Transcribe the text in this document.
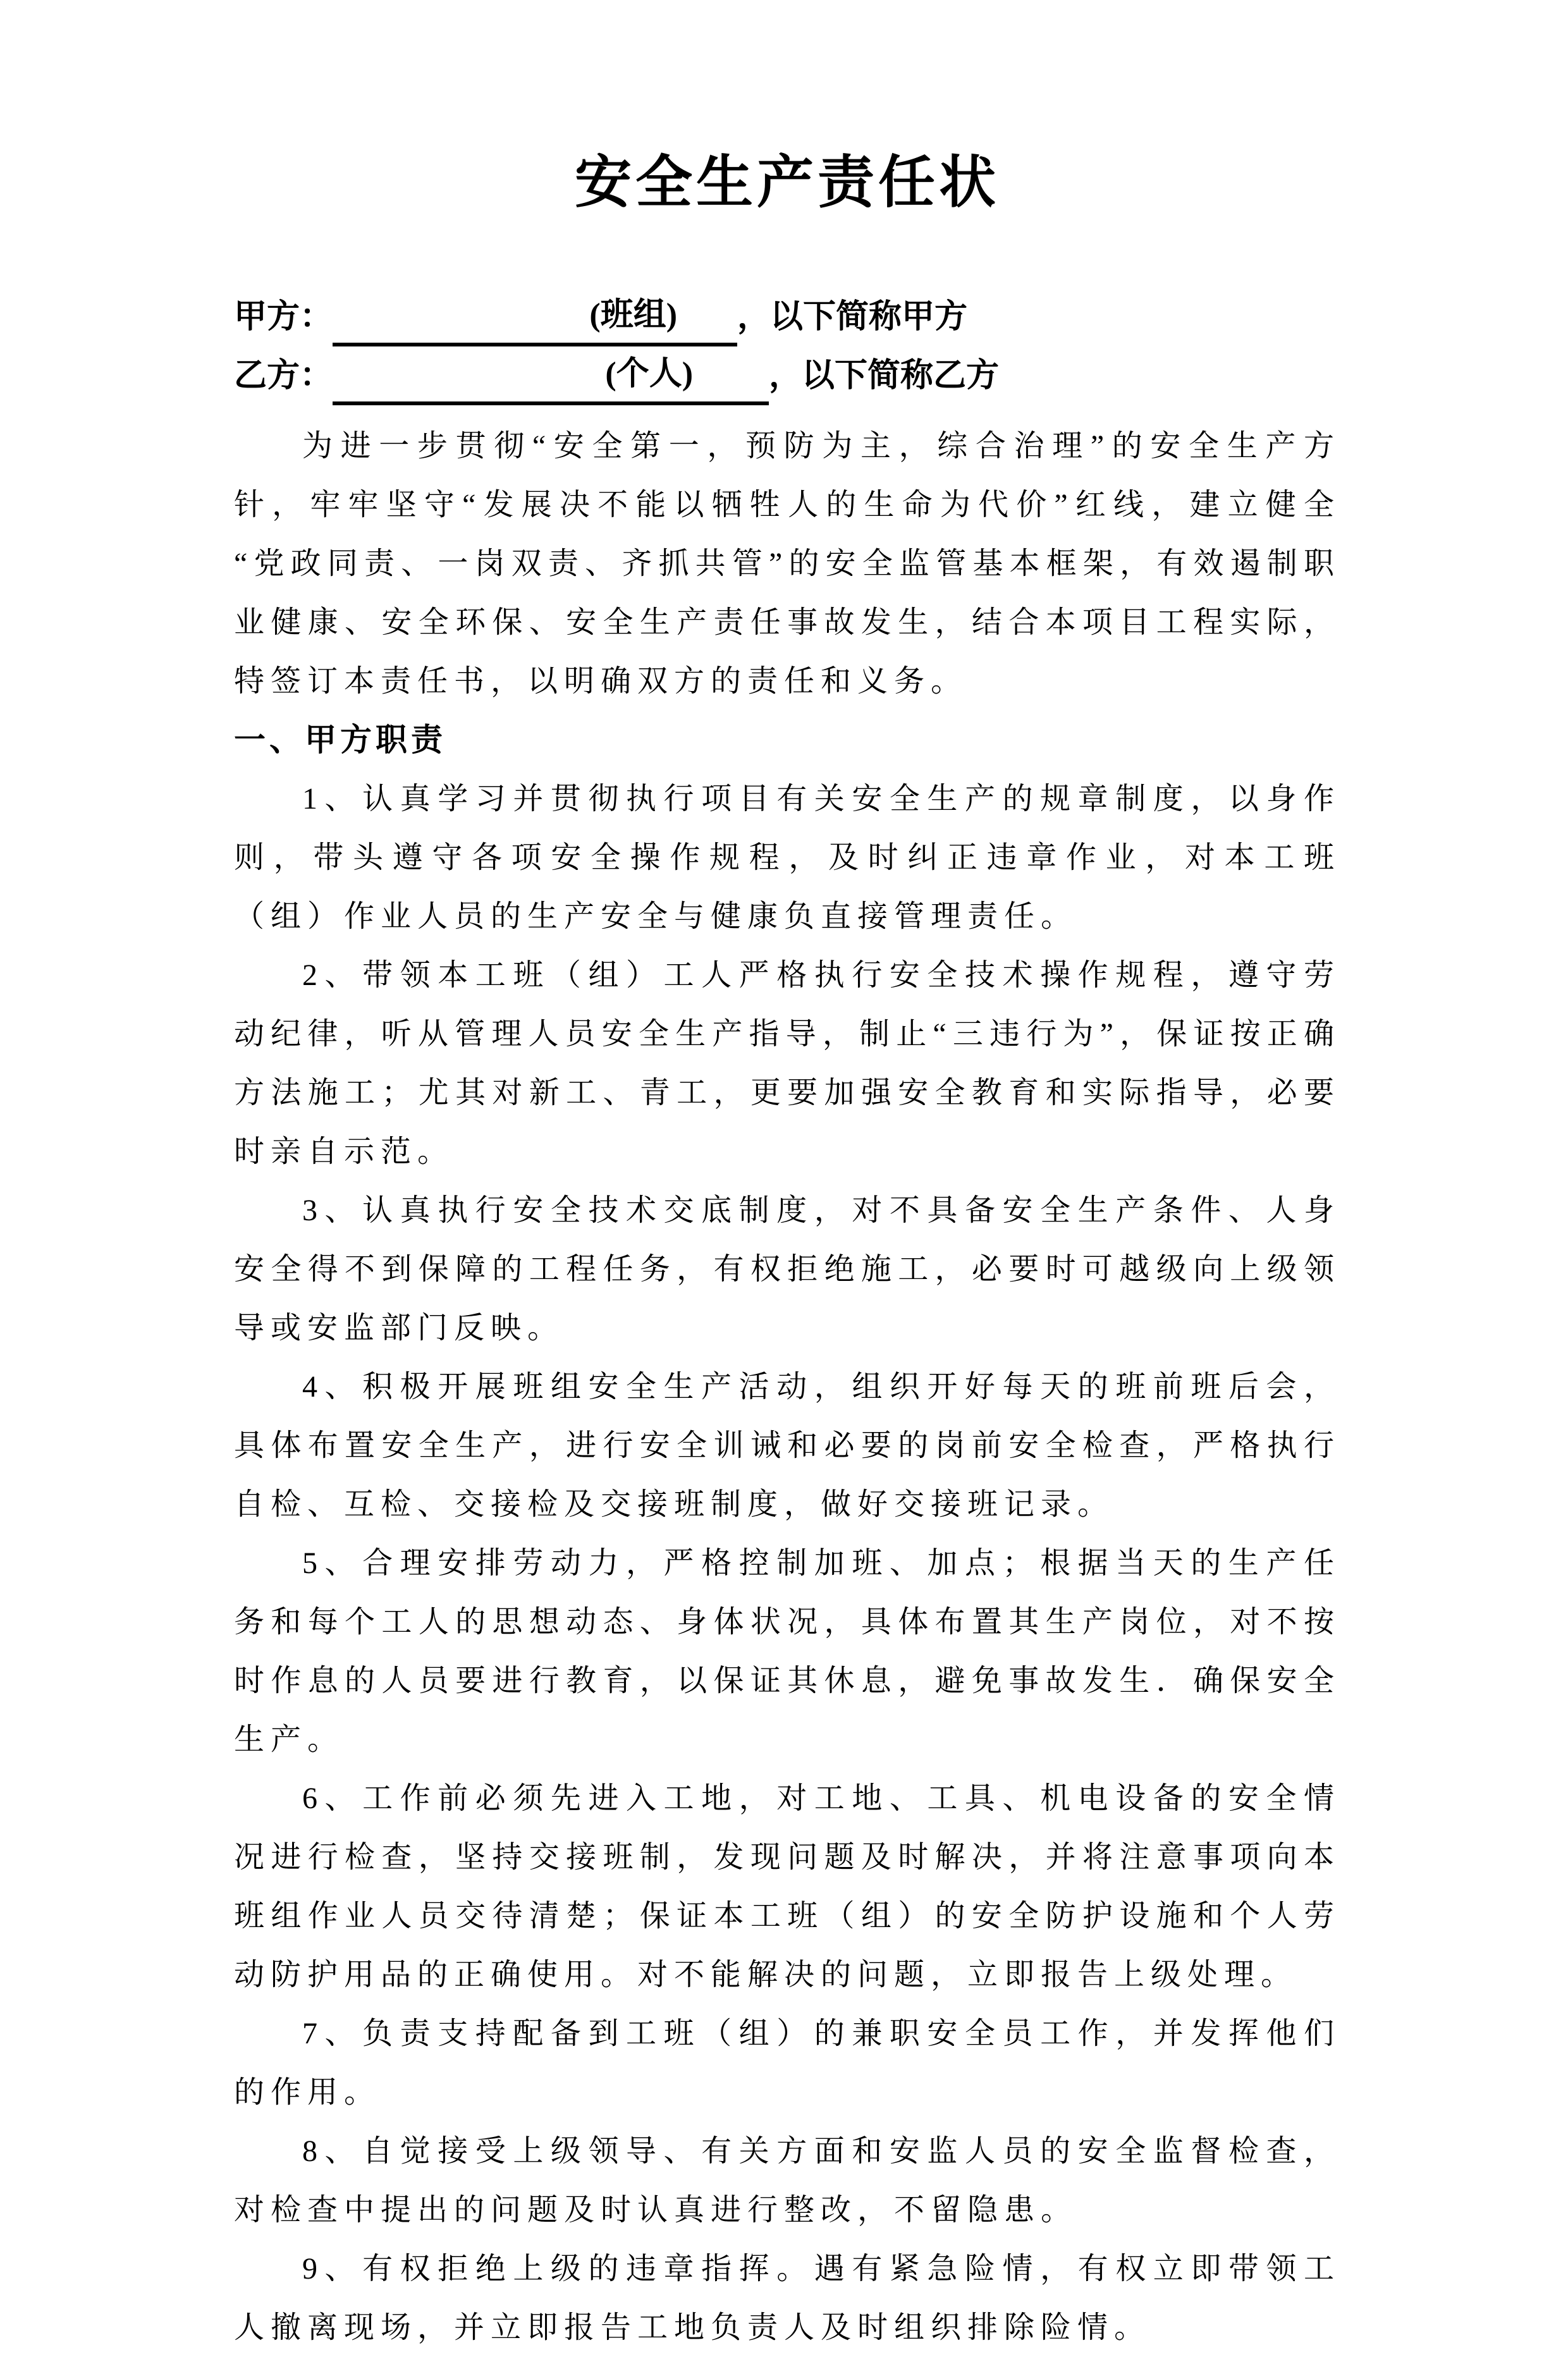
安全生产责任状
甲方：	(班组) ，以下简称甲方
乙方：	(个人) ，以下简称乙方

为进一步贯彻“安全第一，预防为主，综合治理”的安全生产方针，牢牢坚守“发展决不能以牺牲人的生命为代价”红线，建立健全“党政同责、一岗双责、齐抓共管”的安全监管基本框架，有效遏制职业健康、安全环保、安全生产责任事故发生，结合本项目工程实际，特签订本责任书，以明确双方的责任和义务。

一、甲方职责

1、认真学习并贯彻执行项目有关安全生产的规章制度，以身作则，带头遵守各项安全操作规程，及时纠正违章作业，对本工班（组）作业人员的生产安全与健康负直接管理责任。

2、带领本工班（组）工人严格执行安全技术操作规程，遵守劳动纪律，听从管理人员安全生产指导，制止“三违行为”，保证按正确方法施工；尤其对新工、青工，更要加强安全教育和实际指导，必要时亲自示范。

3、认真执行安全技术交底制度，对不具备安全生产条件、人身安全得不到保障的工程任务，有权拒绝施工，必要时可越级向上级领导或安监部门反映。

4、积极开展班组安全生产活动，组织开好每天的班前班后会，具体布置安全生产，进行安全训诫和必要的岗前安全检查，严格执行自检、互检、交接检及交接班制度，做好交接班记录。

5、合理安排劳动力，严格控制加班、加点；根据当天的生产任务和每个工人的思想动态、身体状况，具体布置其生产岗位，对不按时作息的人员要进行教育，以保证其休息，避免事故发生．确保安全生产。

6、工作前必须先进入工地，对工地、工具、机电设备的安全情况进行检查，坚持交接班制，发现问题及时解决，并将注意事项向本班组作业人员交待清楚；保证本工班（组）的安全防护设施和个人劳动防护用品的正确使用。对不能解决的问题，立即报告上级处理。

7、负责支持配备到工班（组）的兼职安全员工作，并发挥他们的作用。

8、自觉接受上级领导、有关方面和安监人员的安全监督检查，对检查中提出的问题及时认真进行整改，不留隐患。

9、有权拒绝上级的违章指挥。遇有紧急险情，有权立即带领工人撤离现场，并立即报告工地负责人及时组织排除险情。
